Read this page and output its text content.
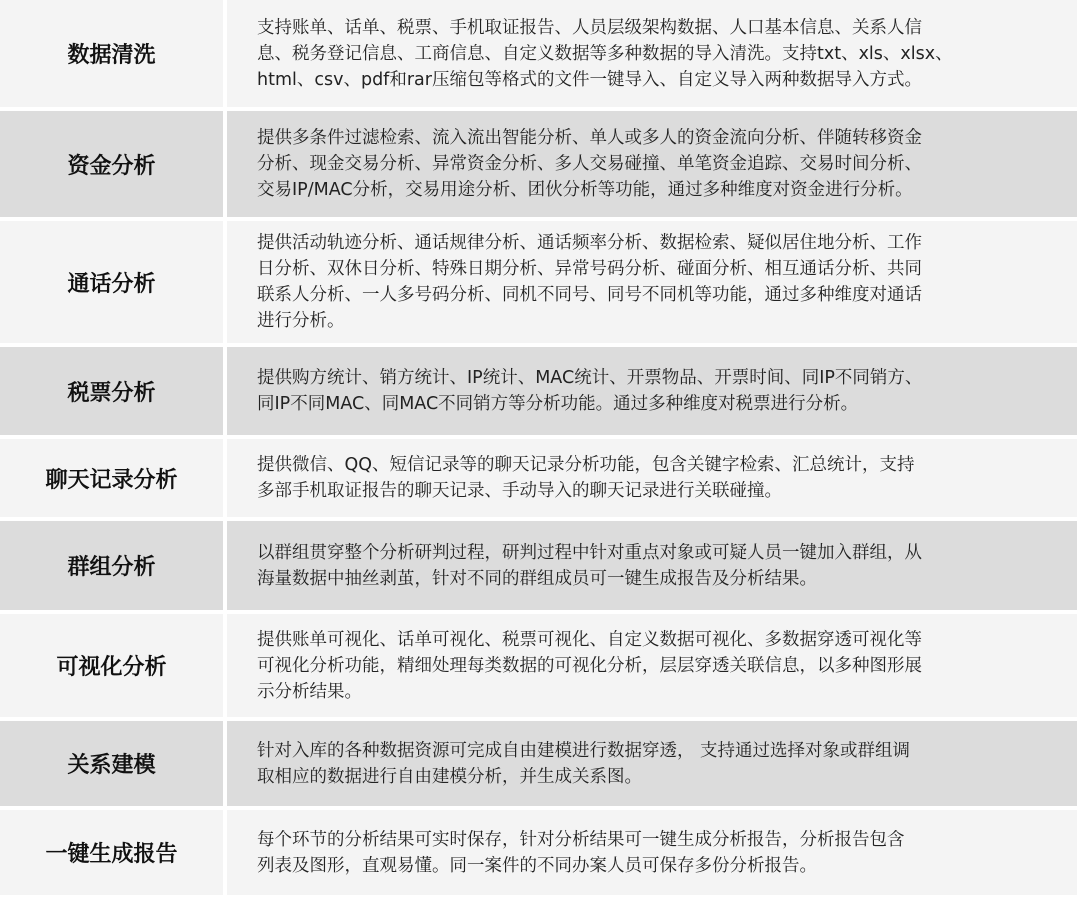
数据清洗
支持账单、话单、税票、手机取证报告、人员层级架构数据、人口基本信息、关系人信
息、税务登记信息、工商信息、自定义数据等多种数据的导入清洗。支持txt、xls、xlsx、
html、csv、pdf和rar压缩包等格式的文件一键导入、自定义导入两种数据导入方式。
资金分析
提供多条件过滤检索、流入流出智能分析、单人或多人的资金流向分析、伴随转移资金
分析、现金交易分析、异常资金分析、多人交易碰撞、单笔资金追踪、交易时间分析、
交易IP/MAC分析，交易用途分析、团伙分析等功能，通过多种维度对资金进行分析。
通话分析
提供活动轨迹分析、通话规律分析、通话频率分析、数据检索、疑似居住地分析、工作
日分析、双休日分析、特殊日期分析、异常号码分析、碰面分析、相互通话分析、共同
联系人分析、一人多号码分析、同机不同号、同号不同机等功能，通过多种维度对通话
进行分析。
税票分析
提供购方统计、销方统计、IP统计、MAC统计、开票物品、开票时间、同IP不同销方、
同IP不同MAC、同MAC不同销方等分析功能。通过多种维度对税票进行分析。
聊天记录分析
提供微信、QQ、短信记录等的聊天记录分析功能，包含关键字检索、汇总统计，支持
多部手机取证报告的聊天记录、手动导入的聊天记录进行关联碰撞。
群组分析
以群组贯穿整个分析研判过程，研判过程中针对重点对象或可疑人员一键加入群组，从
海量数据中抽丝剥茧，针对不同的群组成员可一键生成报告及分析结果。
可视化分析
提供账单可视化、话单可视化、税票可视化、自定义数据可视化、多数据穿透可视化等
可视化分析功能，精细处理每类数据的可视化分析，层层穿透关联信息，以多种图形展
示分析结果。
关系建模
针对入库的各种数据资源可完成自由建模进行数据穿透， 支持通过选择对象或群组调
取相应的数据进行自由建模分析，并生成关系图。
一键生成报告
每个环节的分析结果可实时保存，针对分析结果可一键生成分析报告，分析报告包含
列表及图形，直观易懂。同一案件的不同办案人员可保存多份分析报告。
